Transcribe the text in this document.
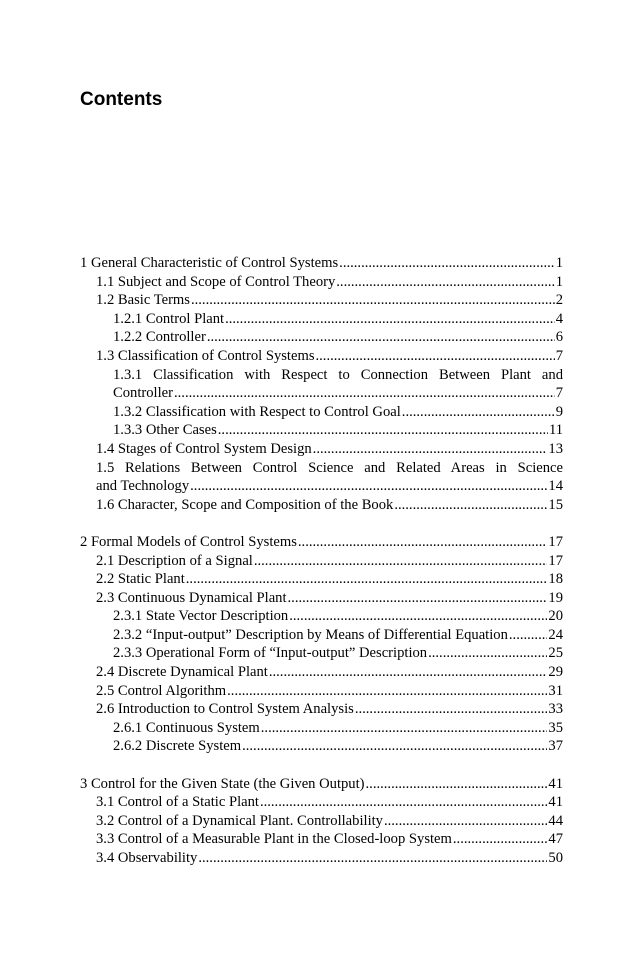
Contents
1 General Characteristic of Control Systems .....	1
1.1 Subject and Scope of Control Theory .....	1
1.2 Basic Terms .....	2
1.2.1 Control Plant .....	4
1.2.2 Controller .....	6
1.3 Classification of Control Systems .....	7
1.3.1 Classification with Respect to Connection Between Plant and
Controller .....	7
1.3.2 Classification with Respect to Control Goal .....	9
1.3.3 Other Cases .....	11
1.4 Stages of Control System Design .....	13
1.5 Relations Between Control Science and Related Areas in Science
and Technology .....	14
1.6 Character, Scope and Composition of the Book .....	15
2 Formal Models of Control Systems .....	17
2.1 Description of a Signal .....	17
2.2 Static Plant .....	18
2.3 Continuous Dynamical Plant .....	19
2.3.1 State Vector Description .....	20
2.3.2 “Input-output” Description by Means of Differential Equation .....	24
2.3.3 Operational Form of “Input-output” Description .....	25
2.4 Discrete Dynamical Plant .....	29
2.5 Control Algorithm .....	31
2.6 Introduction to Control System Analysis .....	33
2.6.1 Continuous System .....	35
2.6.2 Discrete System .....	37
3 Control for the Given State (the Given Output) .....	41
3.1 Control of a Static Plant .....	41
3.2 Control of a Dynamical Plant. Controllability .....	44
3.3 Control of a Measurable Plant in the Closed-loop System .....	47
3.4 Observability .....	50
